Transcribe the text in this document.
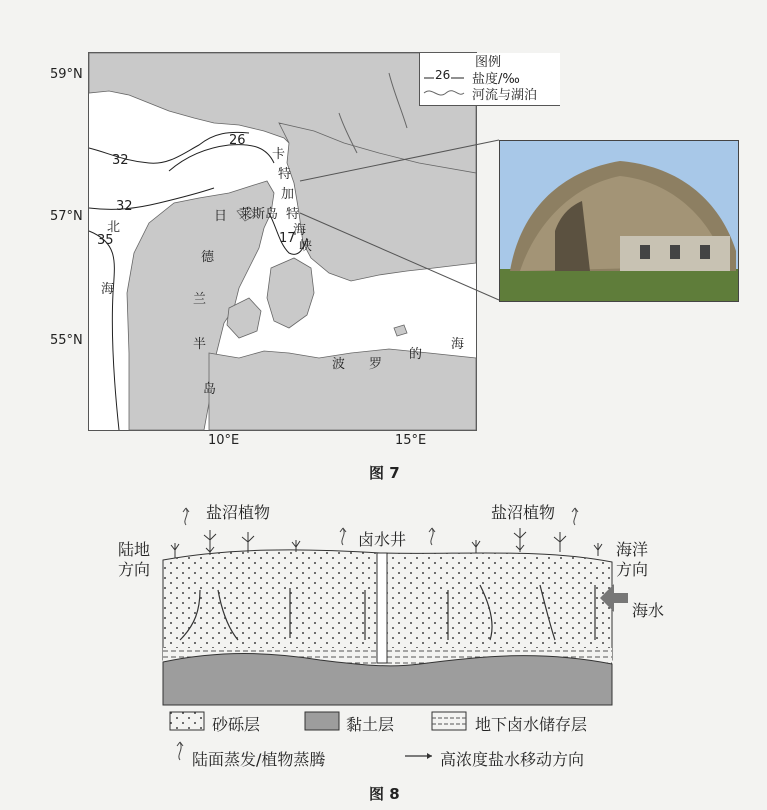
59°N
57°N
55°N
10°E	15°E
32
26
32
35	17
北
海
日
德
兰
半
岛
莱斯岛
卡
特
加
特
海
峡
波 罗
的
海
图例
26 盐度/‰
河流与湖泊
图 7
陆地
方向
海洋
方向
盐沼植物	盐沼植物
卤水井
海水
砂砾层	黏土层	地下卤水储存层
陆面蒸发/植物蒸腾	高浓度盐水移动方向
图 8
